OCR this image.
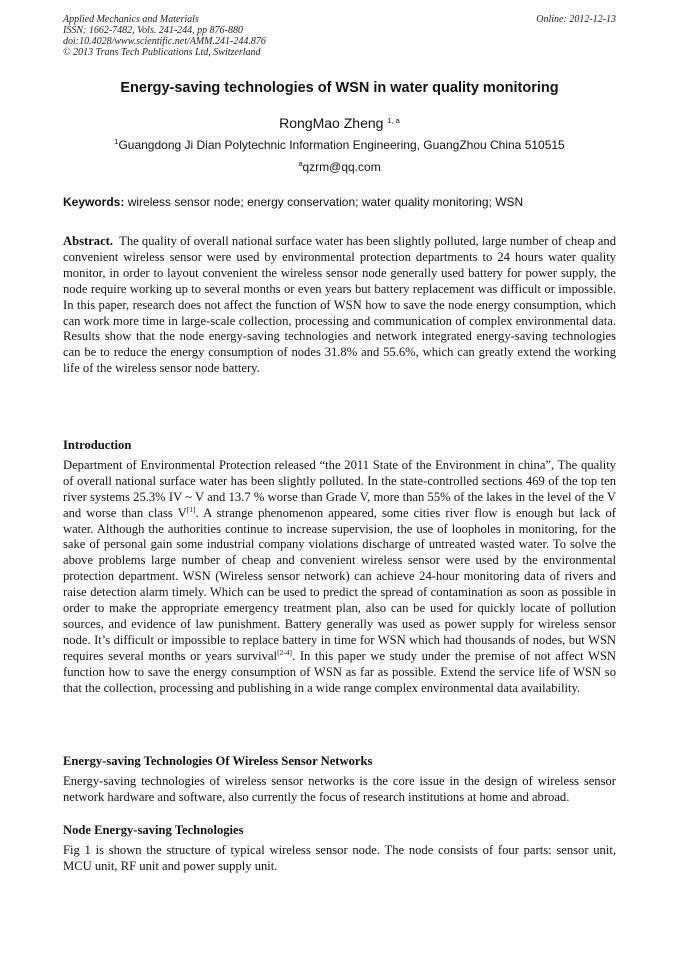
Applied Mechanics and Materials
ISSN: 1662-7482, Vols. 241-244, pp 876-880
doi:10.4028/www.scientific.net/AMM.241-244.876
© 2013 Trans Tech Publications Ltd, Switzerland
Online: 2012-12-13
Energy-saving technologies of WSN in water quality monitoring
RongMao Zheng $^{1, a}$
$^1$Guangdong Ji Dian Polytechnic Information Engineering, GuangZhou China 510515
$^a$qzrm@qq.com
Keywords: wireless sensor node; energy conservation; water quality monitoring; WSN

Abstract. The quality of overall national surface water has been slightly polluted, large number of cheap and convenient wireless sensor were used by environmental protection departments to 24 hours water quality monitor, in order to layout convenient the wireless sensor node generally used battery for power supply, the node require working up to several months or even years but battery replacement was difficult or impossible. In this paper, research does not affect the function of WSN how to save the node energy consumption, which can work more time in large-scale collection, processing and communication of complex environmental data. Results show that the node energy-saving technologies and network integrated energy-saving technologies can be to reduce the energy consumption of nodes 31.8% and 55.6%, which can greatly extend the working life of the wireless sensor node battery.

Introduction

Department of Environmental Protection released “the 2011 State of the Environment in china”, The quality of overall national surface water has been slightly polluted. In the state-controlled sections 469 of the top ten river systems 25.3% IV ~ V and 13.7 % worse than Grade V, more than 55% of the lakes in the level of the V and worse than class V[1]. A strange phenomenon appeared, some cities river flow is enough but lack of water. Although the authorities continue to increase supervision, the use of loopholes in monitoring, for the sake of personal gain some industrial company violations discharge of untreated wasted water. To solve the above problems large number of cheap and convenient wireless sensor were used by the environmental protection department. WSN (Wireless sensor network) can achieve 24-hour monitoring data of rivers and raise detection alarm timely. Which can be used to predict the spread of contamination as soon as possible in order to make the appropriate emergency treatment plan, also can be used for quickly locate of pollution sources, and evidence of law punishment. Battery generally was used as power supply for wireless sensor node. It’s difficult or impossible to replace battery in time for WSN which had thousands of nodes, but WSN requires several months or years survival[2-4]. In this paper we study under the premise of not affect WSN function how to save the energy consumption of WSN as far as possible. Extend the service life of WSN so that the collection, processing and publishing in a wide range complex environmental data availability.

Energy-saving Technologies Of Wireless Sensor Networks

Energy-saving technologies of wireless sensor networks is the core issue in the design of wireless sensor network hardware and software, also currently the focus of research institutions at home and abroad.

Node Energy-saving Technologies

Fig 1 is shown the structure of typical wireless sensor node. The node consists of four parts: sensor unit, MCU unit, RF unit and power supply unit.
